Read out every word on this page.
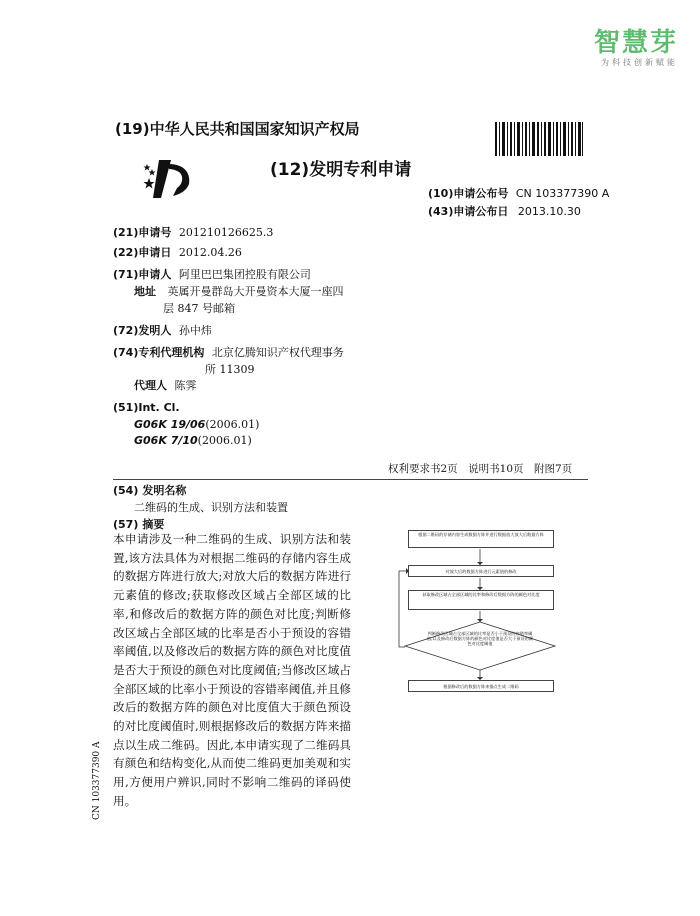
智慧芽
为科技创新赋能
(19)中华人民共和国国家知识产权局
(12)发明专利申请
(10)申请公布号 CN 103377390 A
(43)申请公布日 2013.10.30
(21)申请号 201210126625.3
(22)申请日 2012.04.26
(71)申请人 阿里巴巴集团控股有限公司
地址 英属开曼群岛大开曼资本大厦一座四
层 847 号邮箱
(72)发明人 孙中炜
(74)专利代理机构 北京亿腾知识产权代理事务
所 11309
代理人 陈霁
(51)Int. Cl.
G06K 19/06(2006.01)
G06K 7/10(2006.01)
权利要求书2页　说明书10页　附图7页
(54) 发明名称
二维码的生成、识别方法和装置
(57) 摘要
本申请涉及一种二维码的生成、识别方法和装置,该方法具体为对根据二维码的存储内容生成的数据方阵进行放大;对放大后的数据方阵进行元素值的修改;获取修改区域占全部区域的比率,和修改后的数据方阵的颜色对比度;判断修改区域占全部区域的比率是否小于预设的容错率阈值,以及修改后的数据方阵的颜色对比度值是否大于预设的颜色对比度阈值;当修改区域占全部区域的比率小于预设的容错率阈值,并且修改后的数据方阵的颜色对比度值大于颜色预设的对比度阈值时,则根据修改后的数据方阵来描点以生成二维码。因此,本申请实现了二维码具有颜色和结构变化,从而使二维码更加美观和实用,方便用户辨识,同时不影响二维码的译码使用。
根据二维码的存储内容生成数据方阵并进行数据放大放大后数据方阵
对放大后的数据方阵进行元素值的修改
获取修改区域占全部区域的比率和修改后数据方阵的颜色对比度
判断修改区域占全部区域的比率是否小于预设的容错率阈值,以及修改后数据方阵的颜色对比度值是否大于预设的颜色对比度阈值
根据修改后的数据方阵来描点生成二维码
CN 103377390 A
